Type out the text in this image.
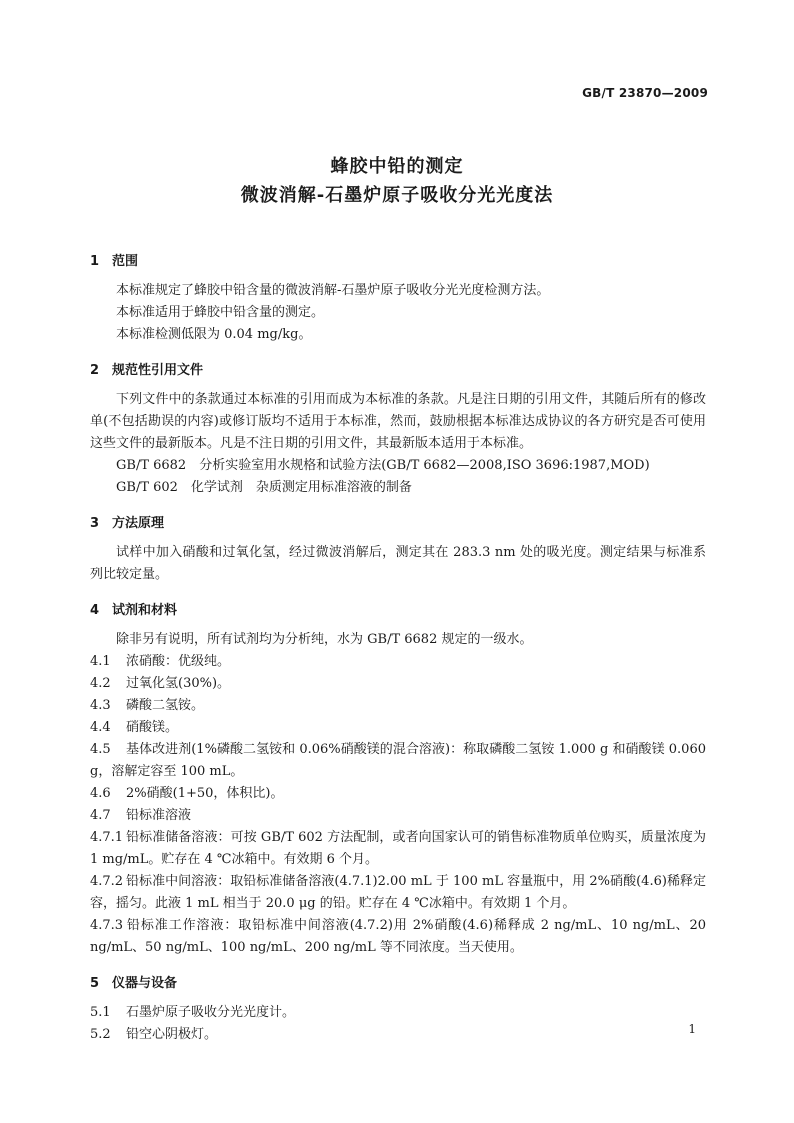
GB/T 23870—2009
蜂胶中铅的测定
微波消解-石墨炉原子吸收分光光度法
1 范围
本标准规定了蜂胶中铅含量的微波消解-石墨炉原子吸收分光光度检测方法。
本标准适用于蜂胶中铅含量的测定。
本标准检测低限为 0.04 mg/kg。
2 规范性引用文件
下列文件中的条款通过本标准的引用而成为本标准的条款。凡是注日期的引用文件，其随后所有的修改单(不包括勘误的内容)或修订版均不适用于本标准，然而，鼓励根据本标准达成协议的各方研究是否可使用这些文件的最新版本。凡是不注日期的引用文件，其最新版本适用于本标准。
GB/T 6682　分析实验室用水规格和试验方法(GB/T 6682—2008,ISO 3696:1987,MOD)
GB/T 602　化学试剂　杂质测定用标准溶液的制备
3 方法原理
试样中加入硝酸和过氧化氢，经过微波消解后，测定其在 283.3 nm 处的吸光度。测定结果与标准系列比较定量。
4 试剂和材料
除非另有说明，所有试剂均为分析纯，水为 GB/T 6682 规定的一级水。
4.1 浓硝酸：优级纯。
4.2 过氧化氢(30%)。
4.3 磷酸二氢铵。
4.4 硝酸镁。
4.5 基体改进剂(1%磷酸二氢铵和 0.06%硝酸镁的混合溶液)：称取磷酸二氢铵 1.000 g 和硝酸镁 0.060 g，溶解定容至 100 mL。
4.6 2%硝酸(1+50，体积比)。
4.7 铅标准溶液
4.7.1 铅标准储备溶液：可按 GB/T 602 方法配制，或者向国家认可的销售标准物质单位购买，质量浓度为 1 mg/mL。贮存在 4 ℃冰箱中。有效期 6 个月。
4.7.2 铅标准中间溶液：取铅标准储备溶液(4.7.1)2.00 mL 于 100 mL 容量瓶中，用 2%硝酸(4.6)稀释定容，摇匀。此液 1 mL 相当于 20.0 μg 的铅。贮存在 4 ℃冰箱中。有效期 1 个月。
4.7.3 铅标准工作溶液：取铅标准中间溶液(4.7.2)用 2%硝酸(4.6)稀释成 2 ng/mL、10 ng/mL、20 ng/mL、50 ng/mL、100 ng/mL、200 ng/mL 等不同浓度。当天使用。
5 仪器与设备
5.1 石墨炉原子吸收分光光度计。
5.2 铅空心阴极灯。	1
